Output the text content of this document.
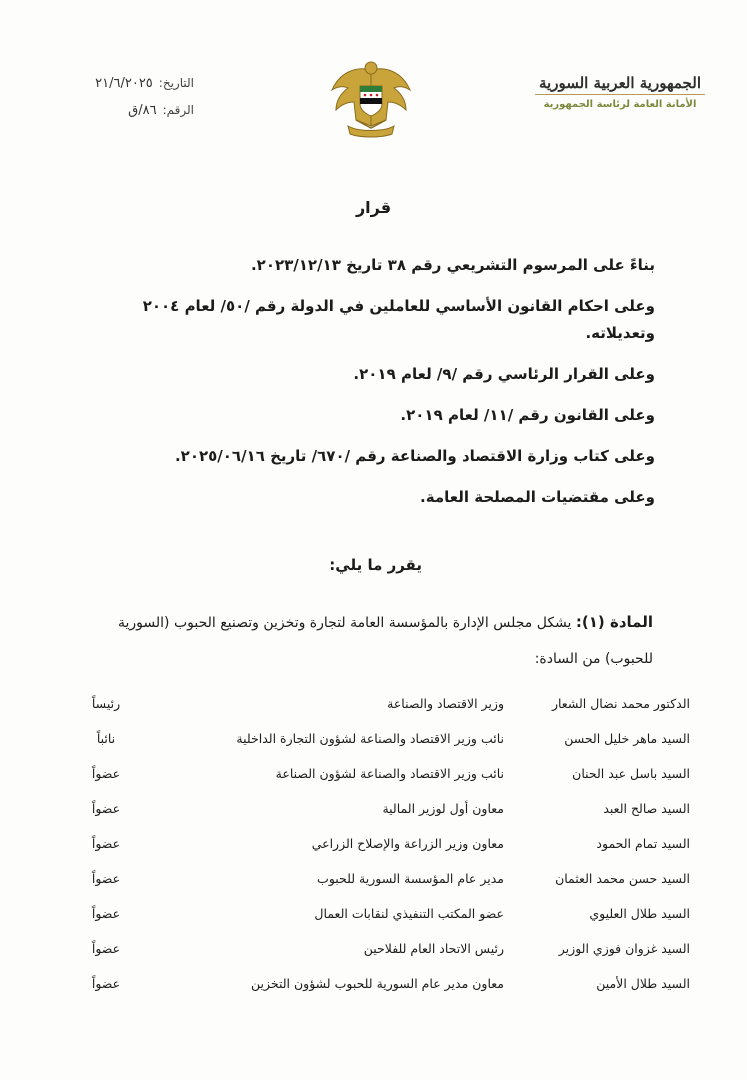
الجمهورية العربية السورية
الأمانة العامة لرئاسة الجمهورية
التاريخ:
٢١/٦/٢٠٢٥
الرقم:
٨٦/ق
قرار

بناءً على المرسوم التشريعي رقم ٣٨ تاريخ ٢٠٢٣/١٢/١٣.

وعلى احكام القانون الأساسي للعاملين في الدولة رقم /٥٠/ لعام ٢٠٠٤ وتعديلاته.

وعلى القرار الرئاسي رقم /٩/ لعام ٢٠١٩.

وعلى القانون رقم /١١/ لعام ٢٠١٩.

وعلى كتاب وزارة الاقتصاد والصناعة رقم /٦٧٠/ تاريخ ٢٠٢٥/٠٦/١٦.

وعلى مقتضيات المصلحة العامة.

يقرر ما يلي:
المادة (١): يشكل مجلس الإدارة بالمؤسسة العامة لتجارة وتخزين وتصنيع الحبوب (السورية للحبوب) من السادة:
الدكتور محمد نضال الشعار
وزير الاقتصاد والصناعة
رئيساً
السيد ماهر خليل الحسن
نائب وزير الاقتصاد والصناعة لشؤون التجارة الداخلية
نائباً
السيد باسل عبد الحنان
نائب وزير الاقتصاد والصناعة لشؤون الصناعة
عضواً
السيد صالح العبد
معاون أول لوزير المالية
عضواً
السيد تمام الحمود
معاون وزير الزراعة والإصلاح الزراعي
عضواً
السيد حسن محمد العثمان
مدير عام المؤسسة السورية للحبوب
عضواً
السيد طلال العليوي
عضو المكتب التنفيذي لنقابات العمال
عضواً
السيد غزوان فوزي الوزير
رئيس الاتحاد العام للفلاحين
عضواً
السيد طلال الأمين
معاون مدير عام السورية للحبوب لشؤون التخزين
عضواً
